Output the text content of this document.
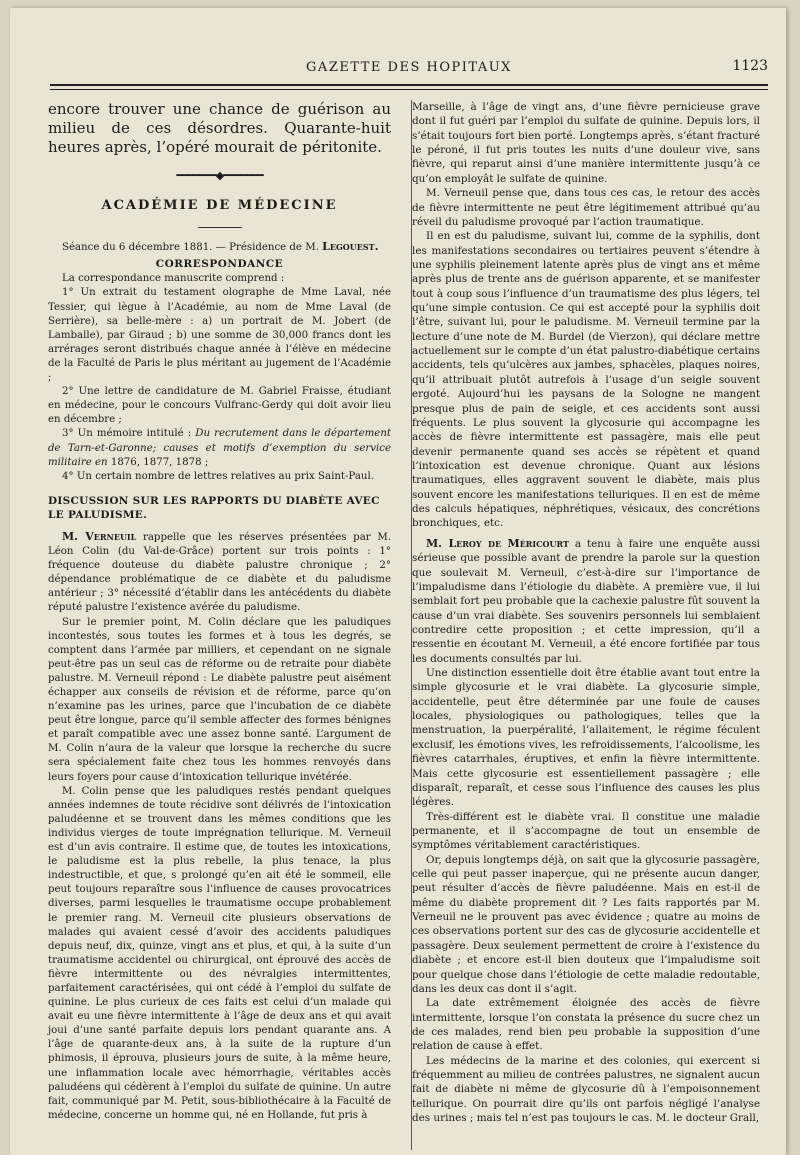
GAZETTE DES HOPITAUX	1123

encore trouver une chance de guérison au milieu de ces désordres. Quarante-huit heures après, l’opéré mourait de péritonite.

━━━━━━━◆━━━━━━━
ACADÉMIE DE MÉDECINE

Séance du 6 décembre 1881. — Présidence de M. Legouest.

CORRESPONDANCE

La correspondance manuscrite comprend :

1° Un extrait du testament olographe de Mme Laval, née Tessier, qui lègue à l’Académie, au nom de Mme Laval (de Serrière), sa belle-mère : a) un portrait de M. Jobert (de Lamballe), par Giraud ; b) une somme de 30,000 francs dont les arrérages seront distribués chaque année à l’élève en médecine de la Faculté de Paris le plus méritant au jugement de l’Académie ;

2° Une lettre de candidature de M. Gabriel Fraisse, étudiant en médecine, pour le concours Vulfranc-Gerdy qui doit avoir lieu en décembre ;

3° Un mémoire intitulé : Du recrutement dans le département de Tarn-et-Garonne; causes et motifs d’exemption du service militaire en 1876, 1877, 1878 ;

4° Un certain nombre de lettres relatives au prix Saint-Paul.

DISCUSSION SUR LES RAPPORTS DU DIABÈTE AVEC LE PALUDISME.

M. Verneuil rappelle que les réserves présentées par M. Léon Colin (du Val-de-Grâce) portent sur trois points : 1° fréquence douteuse du diabète palustre chronique ; 2° dépendance problématique de ce diabète et du paludisme antérieur ; 3° nécessité d’établir dans les antécédents du diabète réputé palustre l’existence avérée du paludisme.

Sur le premier point, M. Colin déclare que les paludiques incontestés, sous toutes les formes et à tous les degrés, se comptent dans l’armée par milliers, et cependant on ne signale peut-être pas un seul cas de réforme ou de retraite pour diabète palustre. M. Verneuil répond : Le diabète palustre peut aisément échapper aux conseils de révision et de réforme, parce qu’on n’examine pas les urines, parce que l’incubation de ce diabète peut être longue, parce qu’il semble affecter des formes bénignes et paraît compatible avec une assez bonne santé. L’argument de M. Colin n’aura de la valeur que lorsque la recherche du sucre sera spécialement faite chez tous les hommes renvoyés dans leurs foyers pour cause d’intoxication tellurique invétérée.

M. Colin pense que les paludiques restés pendant quelques années indemnes de toute récidive sont délivrés de l’intoxication paludéenne et se trouvent dans les mêmes conditions que les individus vierges de toute imprégnation tellurique. M. Verneuil est d’un avis contraire. Il estime que, de toutes les intoxications, le paludisme est la plus rebelle, la plus tenace, la plus indestructible, et que, s prolongé qu’en ait été le sommeil, elle peut toujours reparaître sous l’influence de causes provocatrices diverses, parmi lesquelles le traumatisme occupe probablement le premier rang. M. Verneuil cite plusieurs observations de malades qui avaient cessé d’avoir des accidents paludiques depuis neuf, dix, quinze, vingt ans et plus, et qui, à la suite d’un traumatisme accidentel ou chirurgical, ont éprouvé des accès de fièvre intermittente ou des névralgies intermittentes, parfaitement caractérisées, qui ont cédé à l’emploi du sulfate de quinine. Le plus curieux de ces faits est celui d’un malade qui avait eu une fièvre intermittente à l’âge de deux ans et qui avait joui d’une santé parfaite depuis lors pendant quarante ans. A l’âge de quarante-deux ans, à la suite de la rupture d’un phimosis, il éprouva, plusieurs jours de suite, à la même heure, une inflammation locale avec hémorrhagie, véritables accès paludéens qui cédèrent à l’emploi du sulfate de quinine. Un autre fait, communiqué par M. Petit, sous-bibliothécaire à la Faculté de médecine, concerne un homme qui, né en Hollande, fut pris à

Marseille, à l’âge de vingt ans, d’une fièvre pernicieuse grave dont il fut guéri par l’emploi du sulfate de quinine. Depuis lors, il s’était toujours fort bien porté. Longtemps après, s’étant fracturé le péroné, il fut pris toutes les nuits d’une douleur vive, sans fièvre, qui reparut ainsi d’une manière intermittente jusqu’à ce qu’on employât le sulfate de quinine.

M. Verneuil pense que, dans tous ces cas, le retour des accès de fièvre intermittente ne peut être légitimement attribué qu’au réveil du paludisme provoqué par l’action traumatique.

Il en est du paludisme, suivant lui, comme de la syphilis, dont les manifestations secondaires ou tertiaires peuvent s’étendre à une syphilis pleinement latente après plus de vingt ans et même après plus de trente ans de guérison apparente, et se manifester tout à coup sous l’influence d’un traumatisme des plus légers, tel qu’une simple contusion. Ce qui est accepté pour la syphilis doit l’être, suivant lui, pour le paludisme. M. Verneuil termine par la lecture d’une note de M. Burdel (de Vierzon), qui déclare mettre actuellement sur le compte d’un état palustro-diabétique certains accidents, tels qu’ulcères aux jambes, sphacèles, plaques noires, qu’il attribuait plutôt autrefois à l’usage d’un seigle souvent ergoté. Aujourd’hui les paysans de la Sologne ne mangent presque plus de pain de seigle, et ces accidents sont aussi fréquents. Le plus souvent la glycosurie qui accompagne les accès de fièvre intermittente est passagère, mais elle peut devenir permanente quand ses accès se répètent et quand l’intoxication est devenue chronique. Quant aux lésions traumatiques, elles aggravent souvent le diabète, mais plus souvent encore les manifestations telluriques. Il en est de même des calculs hépatiques, néphrétiques, vésicaux, des concrétions bronchiques, etc.

M. Leroy de Méricourt a tenu à faire une enquête aussi sérieuse que possible avant de prendre la parole sur la question que soulevait M. Verneuil, c’est-à-dire sur l’importance de l’impaludisme dans l’étiologie du diabète. A première vue, il lui semblait fort peu probable que la cachexie palustre fût souvent la cause d’un vrai diabète. Ses souvenirs personnels lui semblaient contredire cette proposition ; et cette impression, qu’il a ressentie en écoutant M. Verneuil, a été encore fortifiée par tous les documents consultés par lui.

Une distinction essentielle doit être établie avant tout entre la simple glycosurie et le vrai diabète. La glycosurie simple, accidentelle, peut être déterminée par une foule de causes locales, physiologiques ou pathologiques, telles que la menstruation, la puerpéralité, l’allaitement, le régime féculent exclusif, les émotions vives, les refroidissements, l’alcoolisme, les fièvres catarrhales, éruptives, et enfin la fièvre intermittente. Mais cette glycosurie est essentiellement passagère ; elle disparaît, reparaît, et cesse sous l’influence des causes les plus légères.

Très-différent est le diabète vrai. Il constitue une maladie permanente, et il s’accompagne de tout un ensemble de symptômes véritablement caractéristiques.

Or, depuis longtemps déjà, on sait que la glycosurie passagère, celle qui peut passer inaperçue, qui ne présente aucun danger, peut résulter d’accès de fièvre paludéenne. Mais en est-il de même du diabète proprement dit ? Les faits rapportés par M. Verneuil ne le prouvent pas avec évidence ; quatre au moins de ces observations portent sur des cas de glycosurie accidentelle et passagère. Deux seulement permettent de croire à l’existence du diabète ; et encore est-il bien douteux que l’impaludisme soit pour quelque chose dans l’étiologie de cette maladie redoutable, dans les deux cas dont il s’agit.

La date extrêmement éloignée des accès de fièvre intermittente, lorsque l’on constata la présence du sucre chez un de ces malades, rend bien peu probable la supposition d’une relation de cause à effet.

Les médecins de la marine et des colonies, qui exercent si fréquemment au milieu de contrées palustres, ne signalent aucun fait de diabète ni même de glycosurie dû à l’empoisonnement tellurique. On pourrait dire qu’ils ont parfois négligé l’analyse des urines ; mais tel n’est pas toujours le cas. M. le docteur Grall,
